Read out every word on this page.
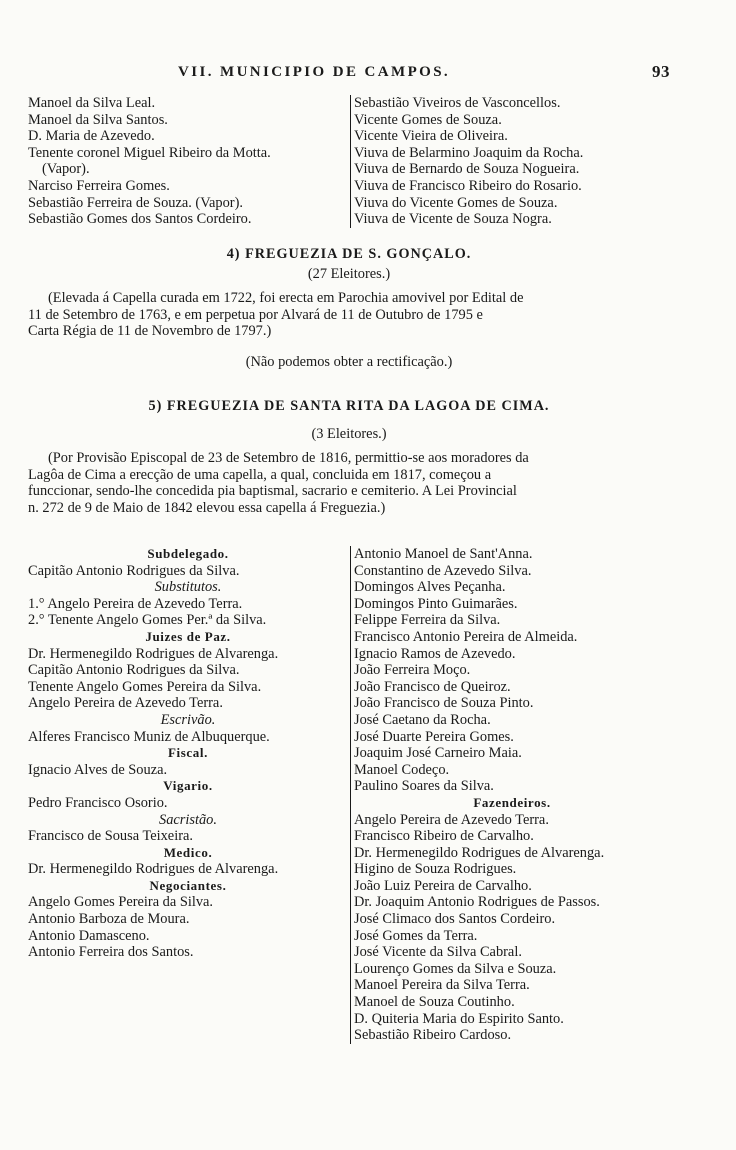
VII. MUNICIPIO DE CAMPOS.	93
Manoel da Silva Leal.
Manoel da Silva Santos.
D. Maria de Azevedo.
Tenente coronel Miguel Ribeiro da Motta.
(Vapor).
Narciso Ferreira Gomes.
Sebastião Ferreira de Souza. (Vapor).
Sebastião Gomes dos Santos Cordeiro.
Sebastião Viveiros de Vasconcellos.
Vicente Gomes de Souza.
Vicente Vieira de Oliveira.
Viuva de Belarmino Joaquim da Rocha.
Viuva de Bernardo de Souza Nogueira.
Viuva de Francisco Ribeiro do Rosario.
Viuva do Vicente Gomes de Souza.
Viuva de Vicente de Souza Nogra.
4) FREGUEZIA DE S. GONÇALO.
(27 Eleitores.)
(Elevada á Capella curada em 1722, foi erecta em Parochia amovivel por Edital de
11 de Setembro de 1763, e em perpetua por Alvará de 11 de Outubro de 1795 e
Carta Régia de 11 de Novembro de 1797.)
(Não podemos obter a rectificação.)
5) FREGUEZIA DE SANTA RITA DA LAGOA DE CIMA.
(3 Eleitores.)
(Por Provisão Episcopal de 23 de Setembro de 1816, permittio-se aos moradores da
Lagôa de Cima a erecção de uma capella, a qual, concluida em 1817, começou a
funccionar, sendo-lhe concedida pia baptismal, sacrario e cemiterio. A Lei Provincial
n. 272 de 9 de Maio de 1842 elevou essa capella á Freguezia.)
Subdelegado.
Capitão Antonio Rodrigues da Silva.
Substitutos.
1.° Angelo Pereira de Azevedo Terra.
2.° Tenente Angelo Gomes Per.ª da Silva.
Juizes de Paz.
Dr. Hermenegildo Rodrigues de Alvarenga.
Capitão Antonio Rodrigues da Silva.
Tenente Angelo Gomes Pereira da Silva.
Angelo Pereira de Azevedo Terra.
Escrivão.
Alferes Francisco Muniz de Albuquerque.
Fiscal.
Ignacio Alves de Souza.
Vigario.
Pedro Francisco Osorio.
Sacristão.
Francisco de Sousa Teixeira.
Medico.
Dr. Hermenegildo Rodrigues de Alvarenga.
Negociantes.
Angelo Gomes Pereira da Silva.
Antonio Barboza de Moura.
Antonio Damasceno.
Antonio Ferreira dos Santos.
Antonio Manoel de Sant'Anna.
Constantino de Azevedo Silva.
Domingos Alves Peçanha.
Domingos Pinto Guimarães.
Felippe Ferreira da Silva.
Francisco Antonio Pereira de Almeida.
Ignacio Ramos de Azevedo.
João Ferreira Moço.
João Francisco de Queiroz.
João Francisco de Souza Pinto.
José Caetano da Rocha.
José Duarte Pereira Gomes.
Joaquim José Carneiro Maia.
Manoel Codeço.
Paulino Soares da Silva.
Fazendeiros.
Angelo Pereira de Azevedo Terra.
Francisco Ribeiro de Carvalho.
Dr. Hermenegildo Rodrigues de Alvarenga.
Higino de Souza Rodrigues.
João Luiz Pereira de Carvalho.
Dr. Joaquim Antonio Rodrigues de Passos.
José Climaco dos Santos Cordeiro.
José Gomes da Terra.
José Vicente da Silva Cabral.
Lourenço Gomes da Silva e Souza.
Manoel Pereira da Silva Terra.
Manoel de Souza Coutinho.
D. Quiteria Maria do Espirito Santo.
Sebastião Ribeiro Cardoso.
